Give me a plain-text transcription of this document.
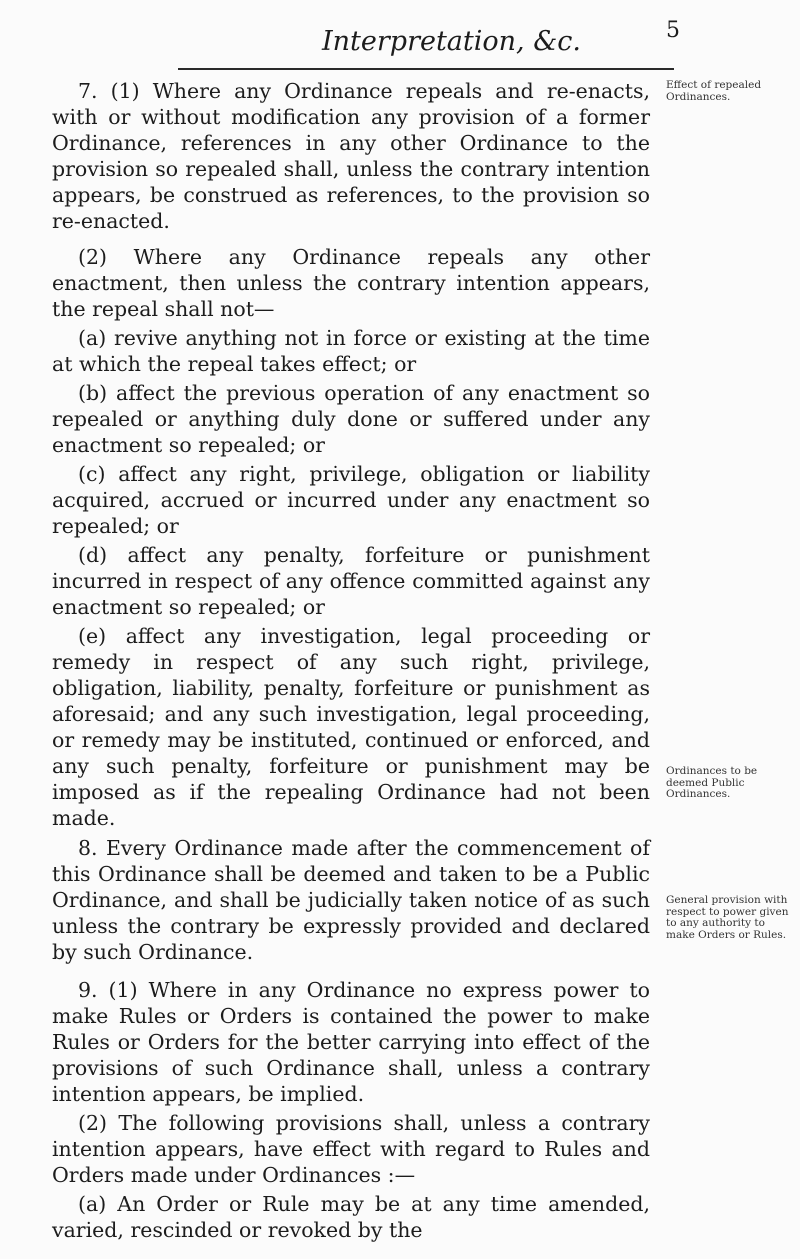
Interpretation, &c.	5

7. (1) Where any Ordinance repeals and re-enacts, with or without modification any provision of a former Ordinance, references in any other Ordinance to the provision so repealed shall, unless the contrary intention appears, be construed as references, to the provision so re-enacted.

(2) Where any Ordinance repeals any other enactment, then unless the contrary intention appears, the repeal shall not—

(a) revive anything not in force or existing at the time at which the repeal takes effect; or

(b) affect the previous operation of any enactment so repealed or anything duly done or suffered under any enactment so repealed; or

(c) affect any right, privilege, obligation or liability acquired, accrued or incurred under any enactment so repealed; or

(d) affect any penalty, forfeiture or punishment incurred in respect of any offence committed against any enactment so repealed; or

(e) affect any investigation, legal proceeding or remedy in respect of any such right, privilege, obligation, liability, penalty, forfeiture or punishment as aforesaid; and any such investigation, legal proceeding, or remedy may be instituted, continued or enforced, and any such penalty, forfeiture or punishment may be imposed as if the repealing Ordinance had not been made.

8. Every Ordinance made after the commencement of this Ordinance shall be deemed and taken to be a Public Ordinance, and shall be judicially taken notice of as such unless the contrary be expressly provided and declared by such Ordinance.

9. (1) Where in any Ordinance no express power to make Rules or Orders is contained the power to make Rules or Orders for the better carrying into effect of the provisions of such Ordinance shall, unless a contrary intention appears, be implied.

(2) The following provisions shall, unless a contrary intention appears, have effect with regard to Rules and Orders made under Ordinances :—

(a) An Order or Rule may be at any time amended, varied, rescinded or revoked by the

Effect of repealed Ordinances.
Ordinances to be deemed Public Ordinances.
General provision with respect to power given to any authority to make Orders or Rules.
